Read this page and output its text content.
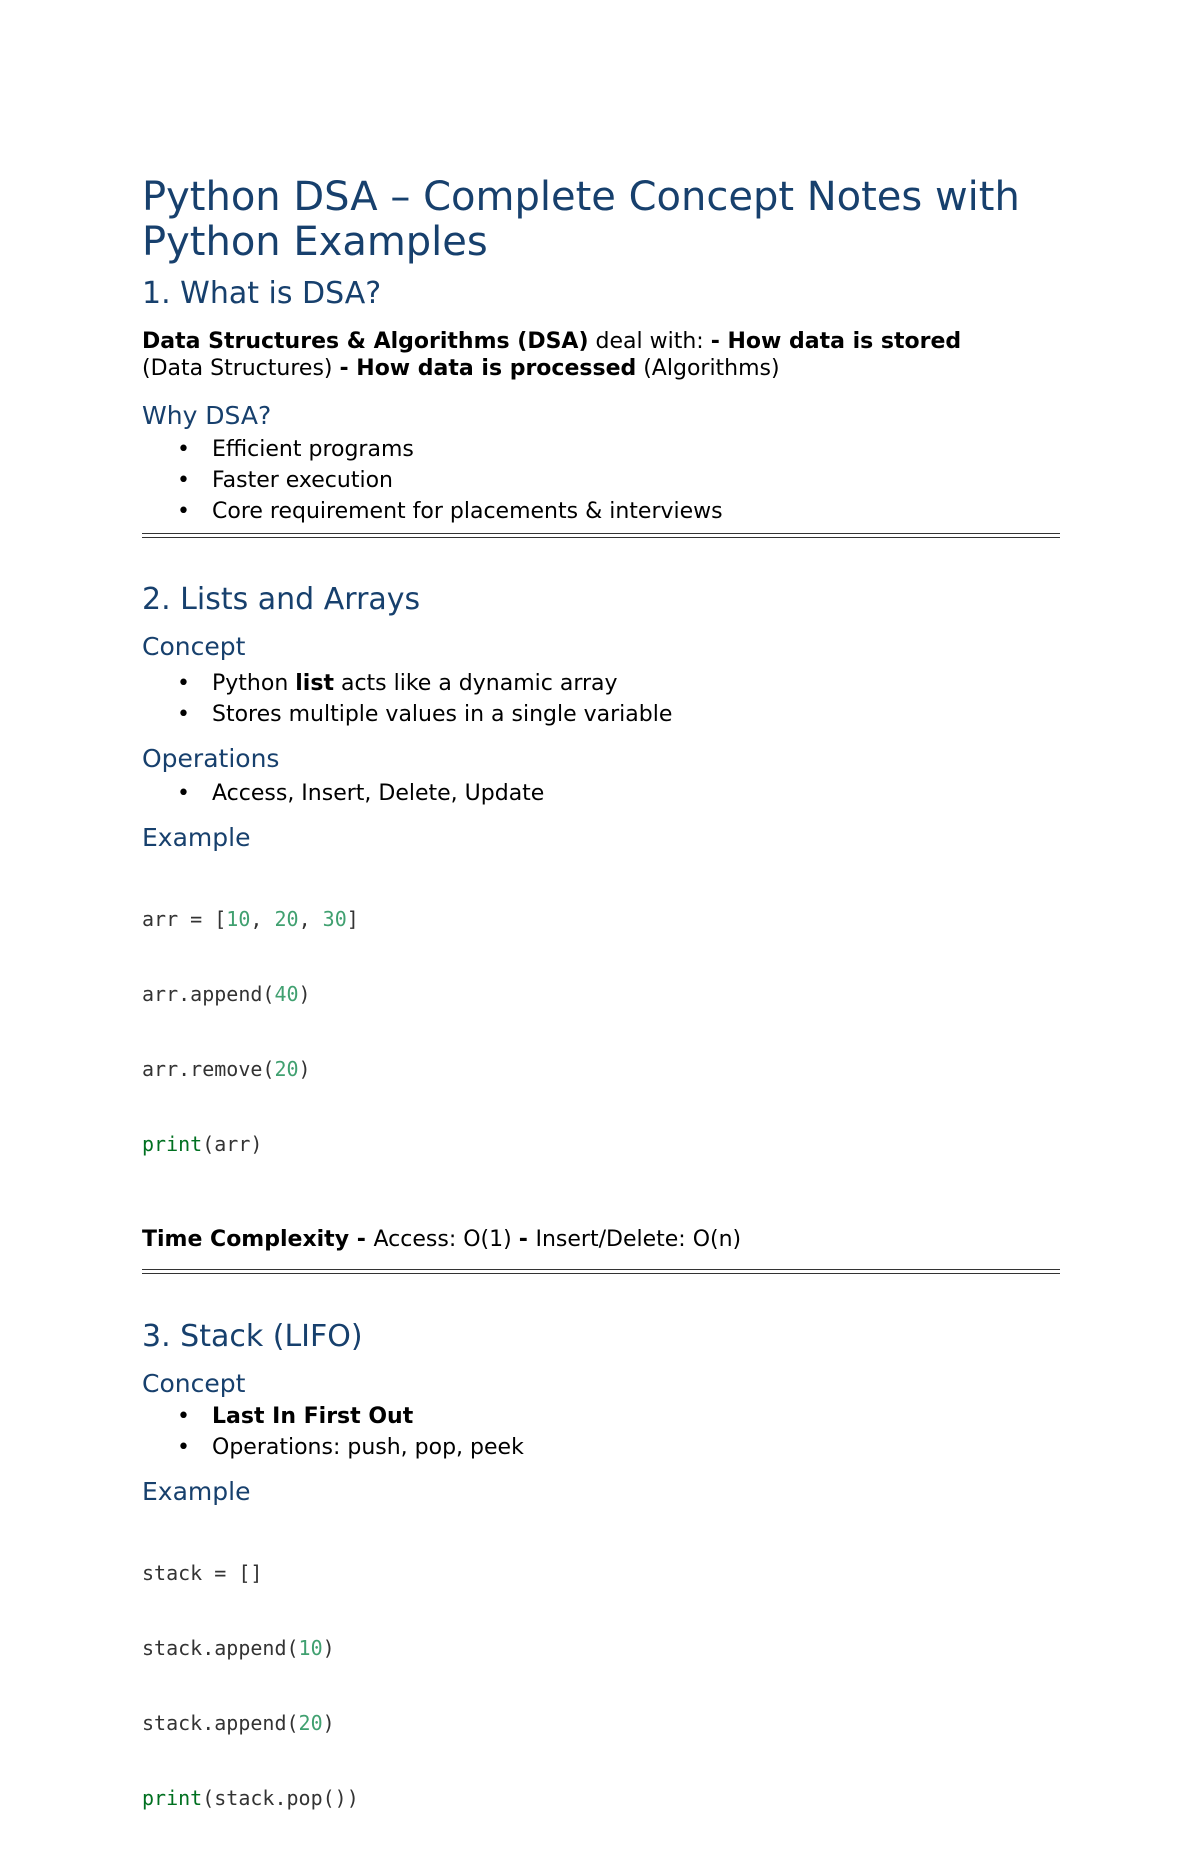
Python DSA – Complete Concept Notes with Python Examples
1. What is DSA?

Data Structures & Algorithms (DSA) deal with: - How data is stored
(Data Structures) - How data is processed (Algorithms)

Why DSA?
• Efficient programs
• Faster execution
• Core requirement for placements & interviews
2. Lists and Arrays
Concept
• Python list acts like a dynamic array
• Stores multiple values in a single variable
Operations
• Access, Insert, Delete, Update
Example

arr = [10, 20, 30]

arr.append(40)

arr.remove(20)

print(arr)

Time Complexity - Access: O(1) - Insert/Delete: O(n)

3. Stack (LIFO)
Concept
• Last In First Out
• Operations: push, pop, peek
Example

stack = []

stack.append(10)

stack.append(20)

print(stack.pop())
